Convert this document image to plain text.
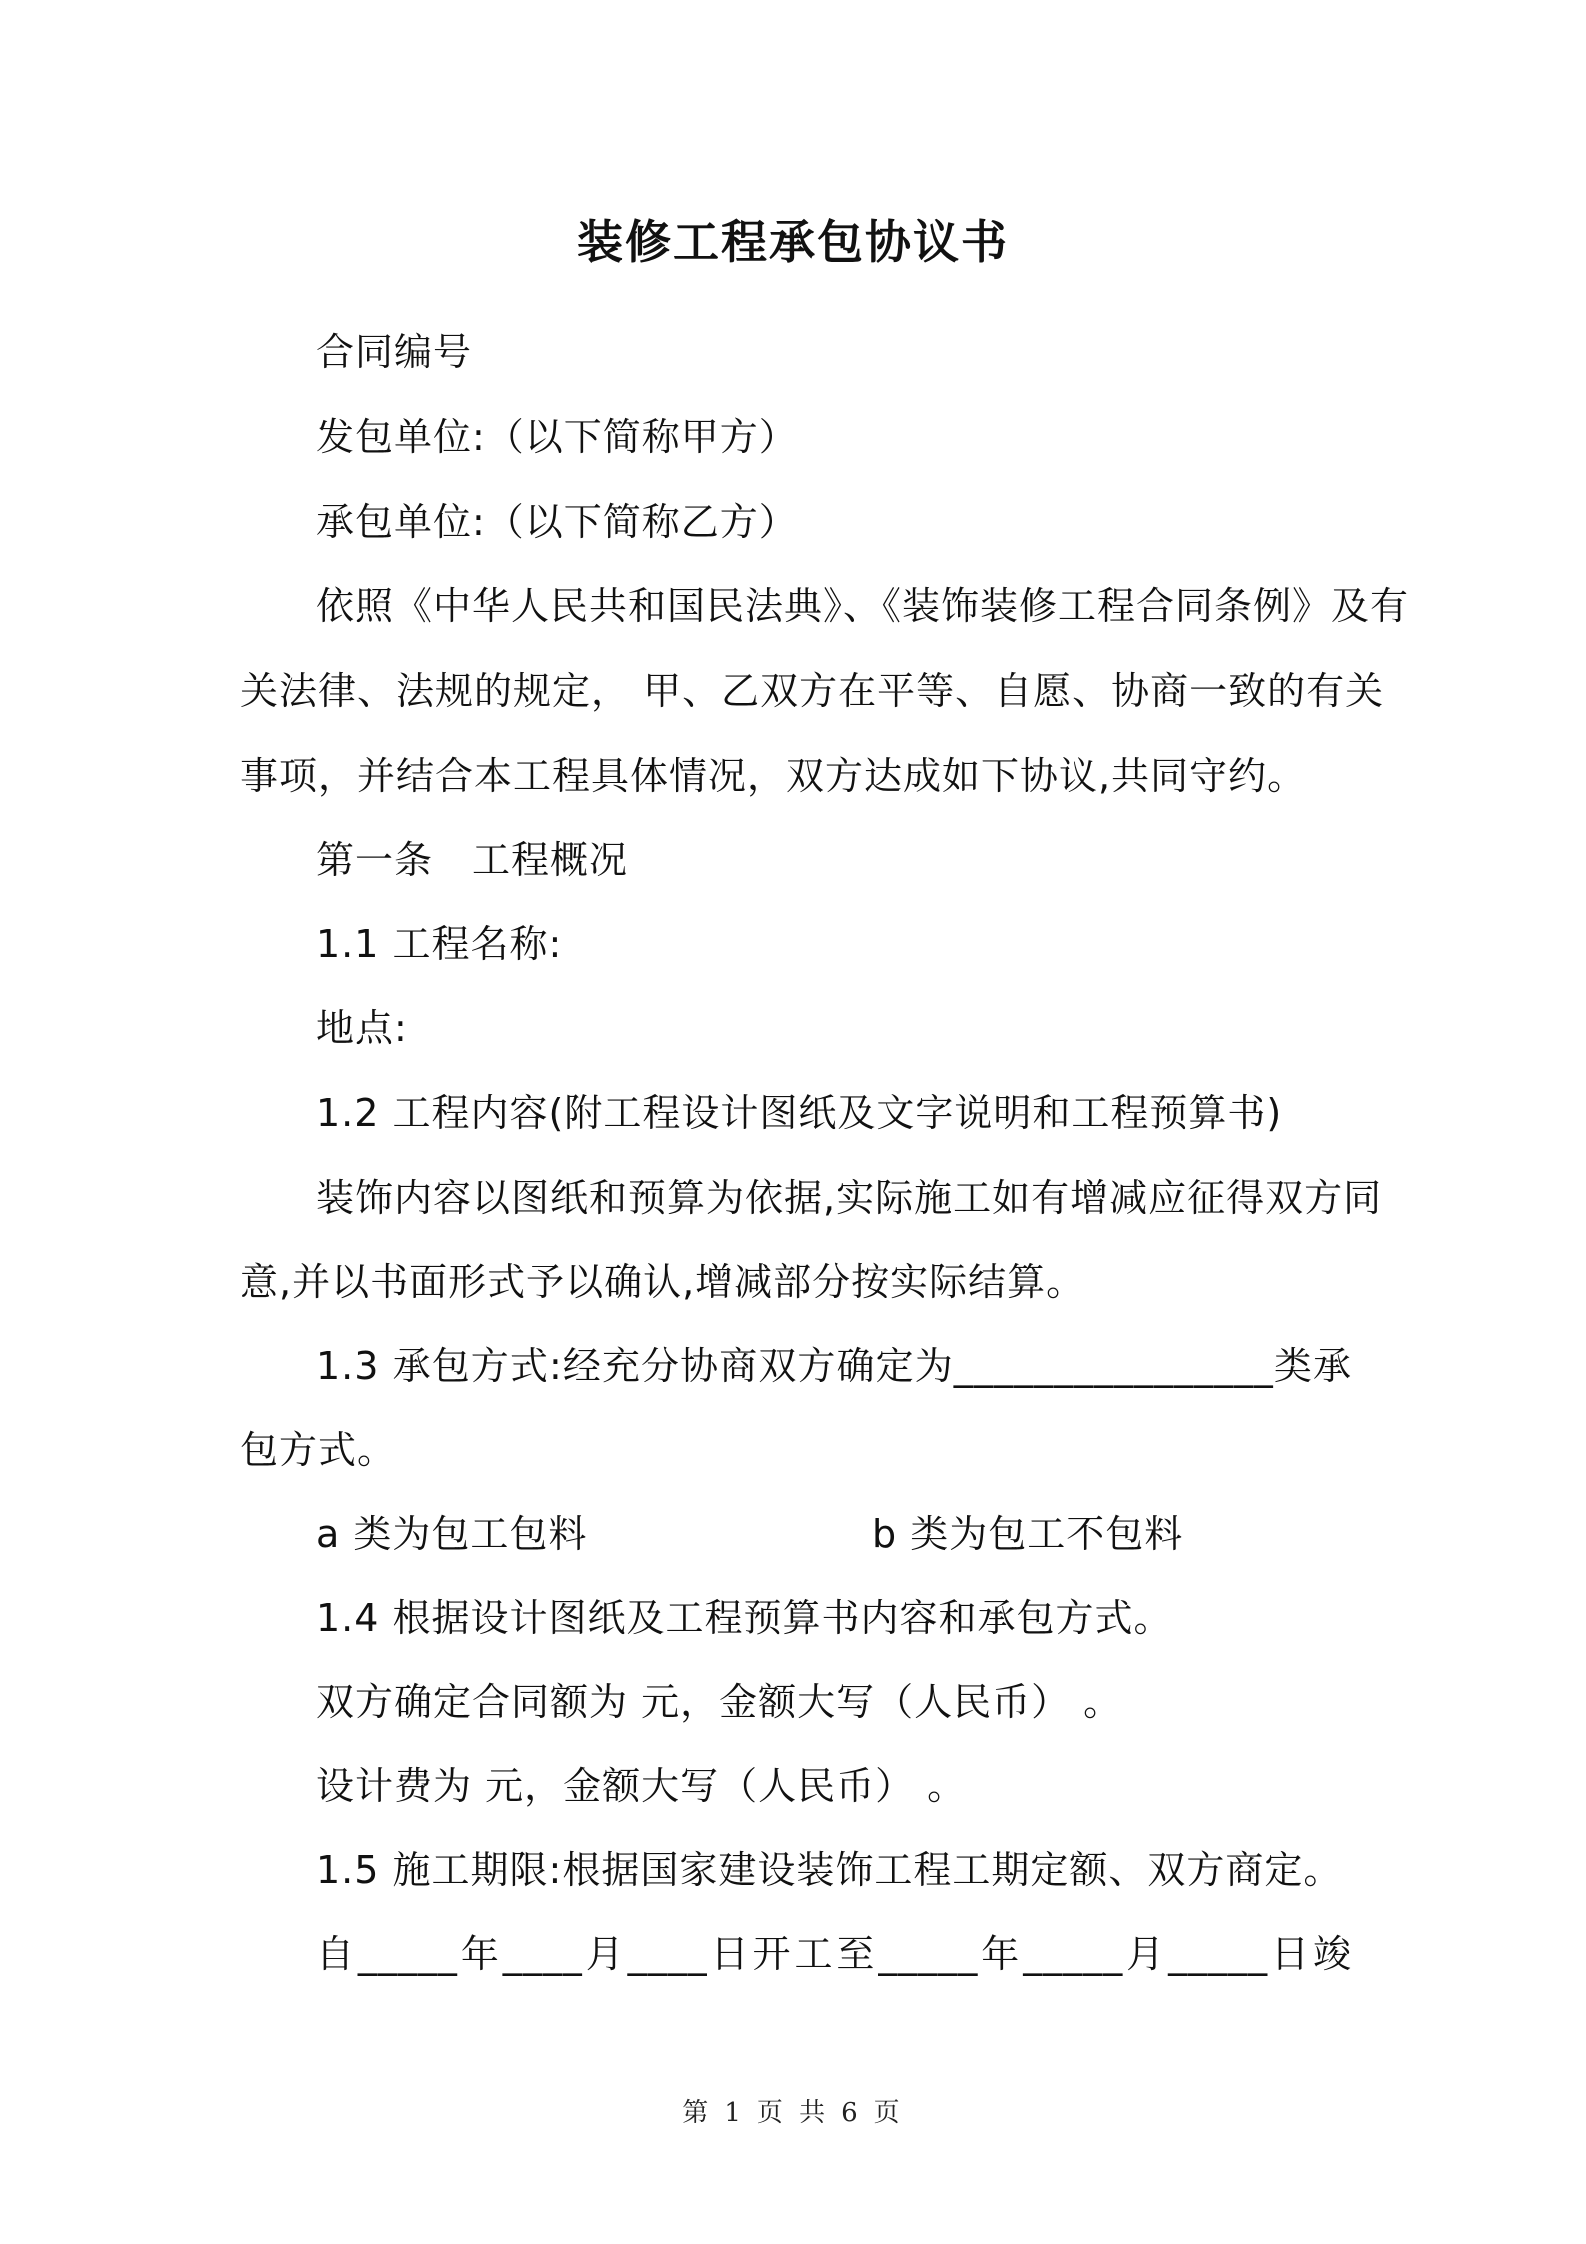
装修工程承包协议书
合同编号
发包单位:（以下简称甲方）
承包单位:（以下简称乙方）
依照《中华人民共和国民法典》、《装饰装修工程合同条例》及有
关法律、法规的规定， 甲、乙双方在平等、自愿、协商一致的有关
事项，并结合本工程具体情况，双方达成如下协议,共同守约。
第一条　工程概况
1.1 工程名称:
地点:
1.2 工程内容(附工程设计图纸及文字说明和工程预算书)
装饰内容以图纸和预算为依据,实际施工如有增减应征得双方同
意,并以书面形式予以确认,增减部分按实际结算。
1.3 承包方式:经充分协商双方确定为________________类承
包方式。
a 类为包工包料	b 类为包工不包料
1.4 根据设计图纸及工程预算书内容和承包方式。
双方确定合同额为 元，金额大写（人民币） 。
设计费为 元，金额大写（人民币） 。
1.5 施工期限:根据国家建设装饰工程工期定额、双方商定。
自_____年____月____日开工至_____年_____月_____日竣
第 1 页 共 6 页
